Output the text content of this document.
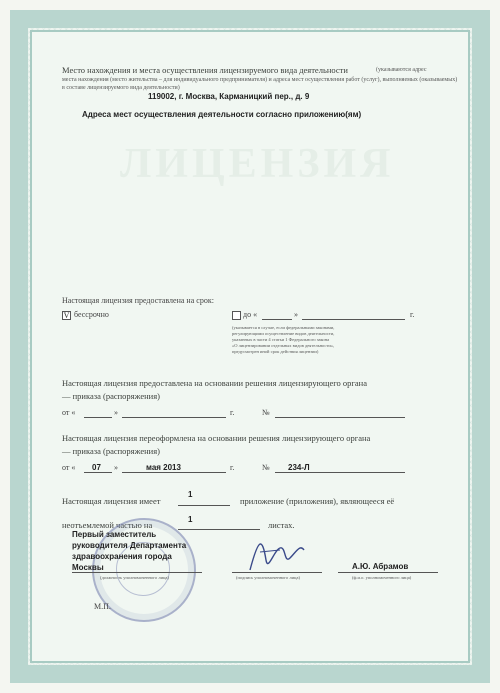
ЛИЦЕНЗИЯ
Место нахождения и места осуществления лицензируемого вида деятельности	(указываются адрес
места нахождения (место жительства – для индивидуального предпринимателя) и адреса мест осуществления работ (услуг), выполняемых (оказываемых)
в составе лицензируемого вида деятельности)
119002, г. Москва, Карманицкий пер., д. 9
Адреса мест осуществления деятельности согласно приложению(ям)
Настоящая лицензия предоставлена на срок:
V бессрочно	до «	»	г.
(указывается в случае, если федеральными законами,
регулирующими осуществление видов деятельности,
указанных в части 4 статьи 1 Федерального закона
«О лицензировании отдельных видов деятельности»,
предусмотрен иной срок действия лицензии)
Настоящая лицензия предоставлена на основании решения лицензирующего органа
— приказа (распоряжения)
от «	»	г.	№
Настоящая лицензия переоформлена на основании решения лицензирующего органа
— приказа (распоряжения)
от « 07 »	мая 2013	г.	№ 234-Л
Настоящая лицензия имеет
1
приложение (приложения), являющееся её
неотъемлемой частью на
1
листах.
Первый заместитель
руководителя Департамента
здравоохранения города
Москвы
(должность уполномоченного лица)	(подпись уполномоченного лица)
А.Ю. Абрамов
(ф.и.о. уполномоченного лица)
М.П.
